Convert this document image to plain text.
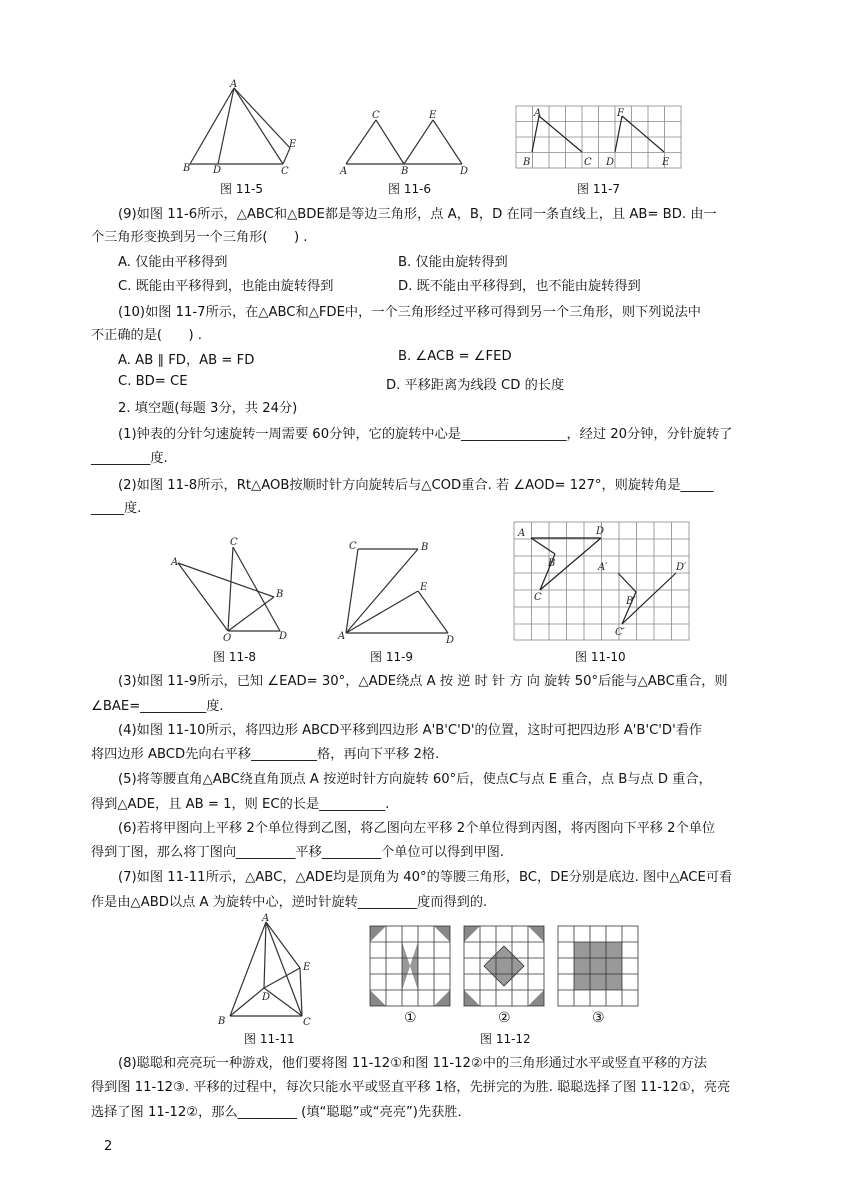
A
B D	C
E
图 11-5
C	E
A	B	D
图 11-6
A	F
B	C D	E
图 11-7
(9)如图 11-6所示，△ABC和△BDE都是等边三角形，点 A，B，D 在同一条直线上，且 AB= BD. 由一
个三角形变换到另一个三角形(　　) .
A. 仅能由平移得到	B. 仅能由旋转得到
C. 既能由平移得到，也能由旋转得到	D. 既不能由平移得到，也不能由旋转得到
(10)如图 11-7所示，在△ABC和△FDE中，一个三角形经过平移可得到另一个三角形，则下列说法中
不正确的是(　　) .
A. AB ∥ FD，AB = FD	B. ∠ACB = ∠FED
C. BD= CE	D. 平移距离为线段 CD 的长度
2. 填空题(每题 3分，共 24分)
(1)钟表的分针匀速旋转一周需要 60分钟，它的旋转中心是________________，经过 20分钟，分针旋转了
_________度.
(2)如图 11-8所示，Rt△AOB按顺时针方向旋转后与△COD重合. 若 ∠AOD= 127°，则旋转角是_____
_____度.
C
A
B
O	D
图 11-8
C	B
E
A	D
图 11-9
A	D
B
C
A′	D′
B′
C′
图 11-10
(3)如图 11-9所示，已知 ∠EAD= 30°，△ADE绕点 A 按 逆 时 针 方 向 旋转 50°后能与△ABC重合，则
∠BAE=__________度.
(4)如图 11-10所示，将四边形 ABCD平移到四边形 A'B'C'D'的位置，这时可把四边形 A'B'C'D'看作
将四边形 ABCD先向右平移__________格，再向下平移 2格.
(5)将等腰直角△ABC绕直角顶点 A 按逆时针方向旋转 60°后，使点C与点 E 重合，点 B与点 D 重合，
得到△ADE，且 AB = 1，则 EC的长是__________.
(6)若将甲图向上平移 2个单位得到乙图，将乙图向左平移 2个单位得到丙图，将丙图向下平移 2个单位
得到丁图，那么将丁图向_________平移_________个单位可以得到甲图.
(7)如图 11-11所示，△ABC，△ADE均是顶角为 40°的等腰三角形，BC，DE分别是底边. 图中△ACE可看
作是由△ABD以点 A 为旋转中心，逆时针旋转_________度而得到的.
A
E
D
B	C
图 11-11
①	②	③
图 11-12
(8)聪聪和亮亮玩一种游戏，他们要将图 11-12①和图 11-12②中的三角形通过水平或竖直平移的方法
得到图 11-12③. 平移的过程中，每次只能水平或竖直平移 1格，先拼完的为胜. 聪聪选择了图 11-12①，亮亮
选择了图 11-12②，那么_________ (填“聪聪”或“亮亮”)先获胜.
2
